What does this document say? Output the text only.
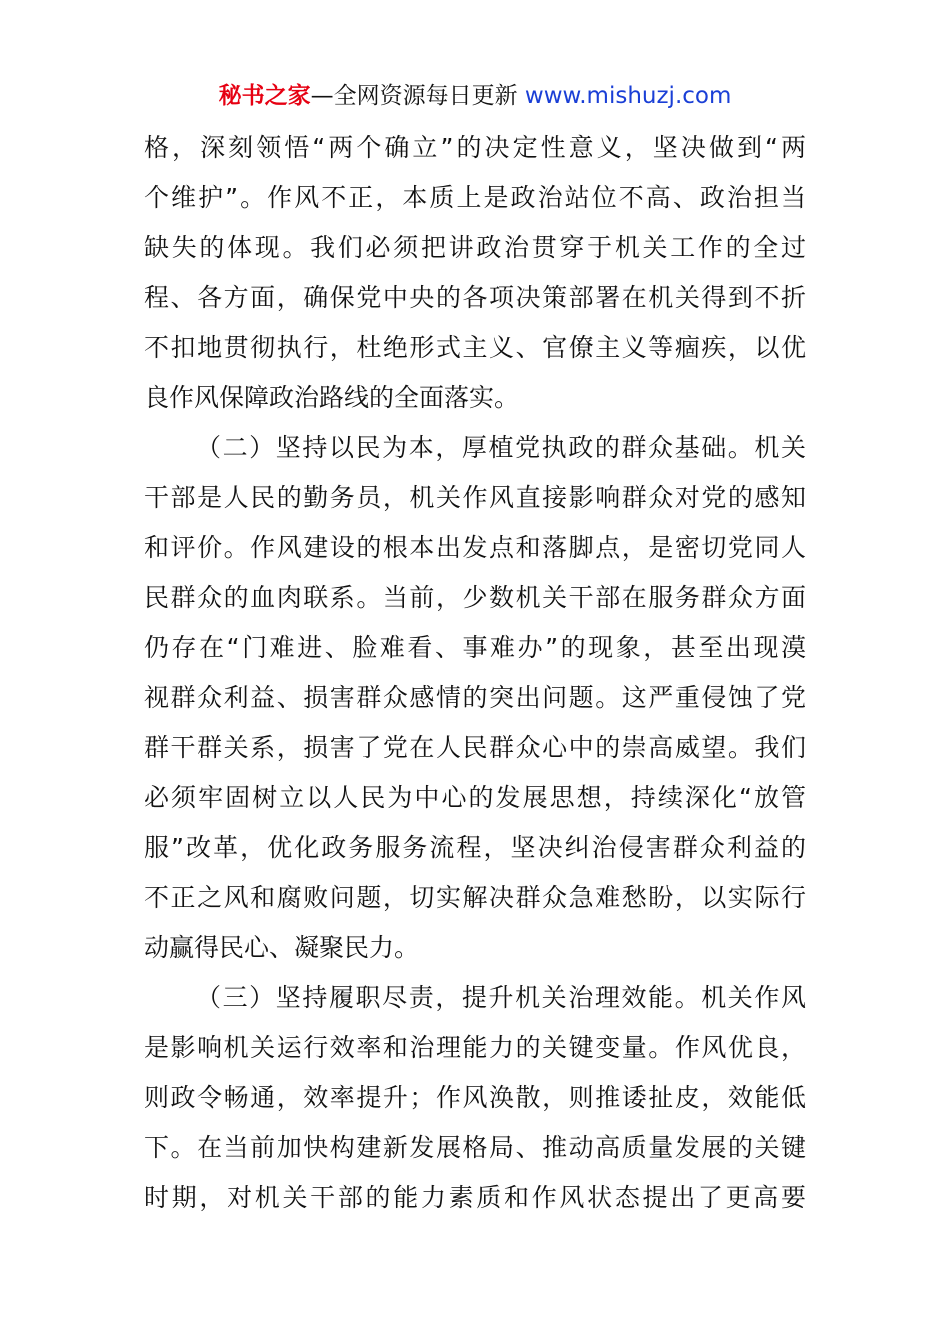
秘书之家—全网资源每日更新 www.mishuzj.com
格，深刻领悟“两个确立”的决定性意义，坚决做到“两
个维护”。作风不正，本质上是政治站位不高、政治担当
缺失的体现。我们必须把讲政治贯穿于机关工作的全过
程、各方面，确保党中央的各项决策部署在机关得到不折
不扣地贯彻执行，杜绝形式主义、官僚主义等痼疾，以优
良作风保障政治路线的全面落实。
（二）坚持以民为本，厚植党执政的群众基础。机关
干部是人民的勤务员，机关作风直接影响群众对党的感知
和评价。作风建设的根本出发点和落脚点，是密切党同人
民群众的血肉联系。当前，少数机关干部在服务群众方面
仍存在“门难进、脸难看、事难办”的现象，甚至出现漠
视群众利益、损害群众感情的突出问题。这严重侵蚀了党
群干群关系，损害了党在人民群众心中的崇高威望。我们
必须牢固树立以人民为中心的发展思想，持续深化“放管
服”改革，优化政务服务流程，坚决纠治侵害群众利益的
不正之风和腐败问题，切实解决群众急难愁盼，以实际行
动赢得民心、凝聚民力。
（三）坚持履职尽责，提升机关治理效能。机关作风
是影响机关运行效率和治理能力的关键变量。作风优良，
则政令畅通，效率提升；作风涣散，则推诿扯皮，效能低
下。在当前加快构建新发展格局、推动高质量发展的关键
时期，对机关干部的能力素质和作风状态提出了更高要
